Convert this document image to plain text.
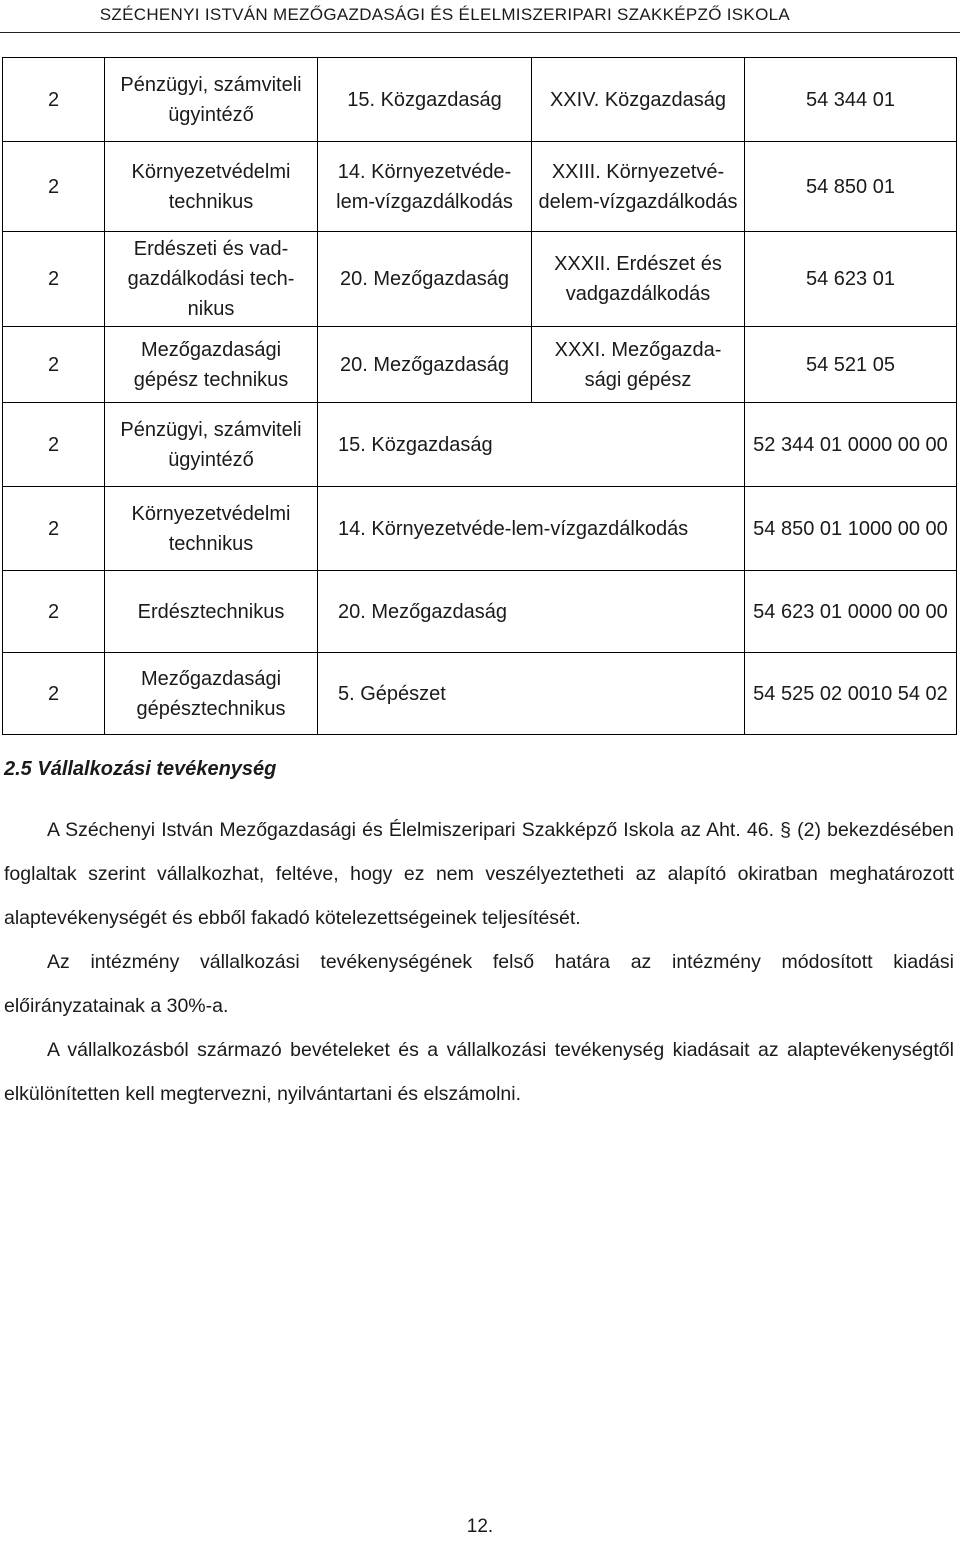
SZÉCHENYI ISTVÁN MEZŐGAZDASÁGI ÉS ÉLELMISZERIPARI SZAKKÉPZŐ ISKOLA
2	Pénzügyi, számviteli ügyintéző	15. Közgazdaság	XXIV. Közgazdaság	54 344 01
2	Környezetvédelmi technikus	14. Környezetvéde-lem-vízgazdálkodás	XXIII. Környezetvé-delem-vízgazdálkodás	54 850 01
2	Erdészeti és vad-gazdálkodási tech-nikus	20. Mezőgazdaság	XXXII. Erdészet és vadgazdálkodás	54 623 01
2	Mezőgazdasági gépész technikus	20. Mezőgazdaság	XXXI. Mezőgazda-sági gépész	54 521 05
2	Pénzügyi, számviteli ügyintéző	15. Közgazdaság		52 344 01 0000 00 00
2	Környezetvédelmi technikus	14. Környezetvéde-lem-vízgazdálkodás		54 850 01 1000 00 00
2	Erdésztechnikus	20. Mezőgazdaság		54 623 01 0000 00 00
2	Mezőgazdasági gépésztechnikus	5. Gépészet		54 525 02 0010 54 02
2.5 Vállalkozási tevékenység

A Széchenyi István Mezőgazdasági és Élelmiszeripari Szakképző Iskola az Aht. 46. § (2) bekezdésében foglaltak szerint vállalkozhat, feltéve, hogy ez nem veszélyeztetheti az alapító okiratban meghatározott alaptevékenységét és ebből fakadó kötelezettségeinek teljesítését.

Az intézmény vállalkozási tevékenységének felső határa az intézmény módosított kiadási előirányzatainak a 30%-a.

A vállalkozásból származó bevételeket és a vállalkozási tevékenység kiadásait az alaptevékenységtől elkülönítetten kell megtervezni, nyilvántartani és elszámolni.

12.
